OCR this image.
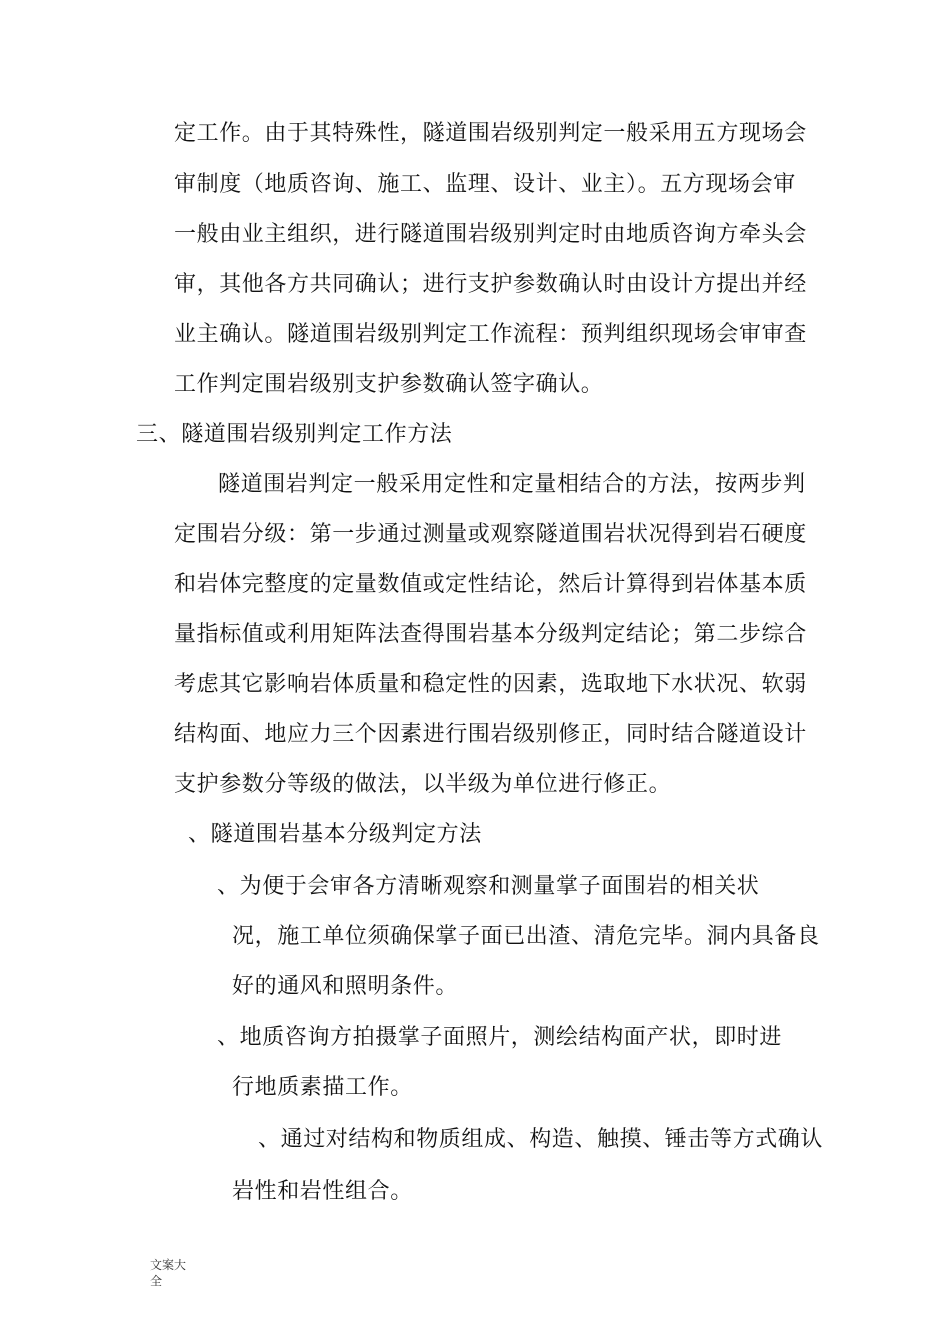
定工作。由于其特殊性，隧道围岩级别判定一般采用五方现场会
审制度（地质咨询、施工、监理、设计、业主）。五方现场会审
一般由业主组织，进行隧道围岩级别判定时由地质咨询方牵头会
审，其他各方共同确认；进行支护参数确认时由设计方提出并经
业主确认。隧道围岩级别判定工作流程：预判组织现场会审审查
工作判定围岩级别支护参数确认签字确认。
三、隧道围岩级别判定工作方法
隧道围岩判定一般采用定性和定量相结合的方法，按两步判
定围岩分级：第一步通过测量或观察隧道围岩状况得到岩石硬度
和岩体完整度的定量数值或定性结论，然后计算得到岩体基本质
量指标值或利用矩阵法查得围岩基本分级判定结论；第二步综合
考虑其它影响岩体质量和稳定性的因素，选取地下水状况、软弱
结构面、地应力三个因素进行围岩级别修正，同时结合隧道设计
支护参数分等级的做法，以半级为单位进行修正。
、隧道围岩基本分级判定方法
、为便于会审各方清晰观察和测量掌子面围岩的相关状
况，施工单位须确保掌子面已出渣、清危完毕。洞内具备良
好的通风和照明条件。
、地质咨询方拍摄掌子面照片，测绘结构面产状，即时进
行地质素描工作。
、通过对结构和物质组成、构造、触摸、锤击等方式确认
岩性和岩性组合。
文案大全
